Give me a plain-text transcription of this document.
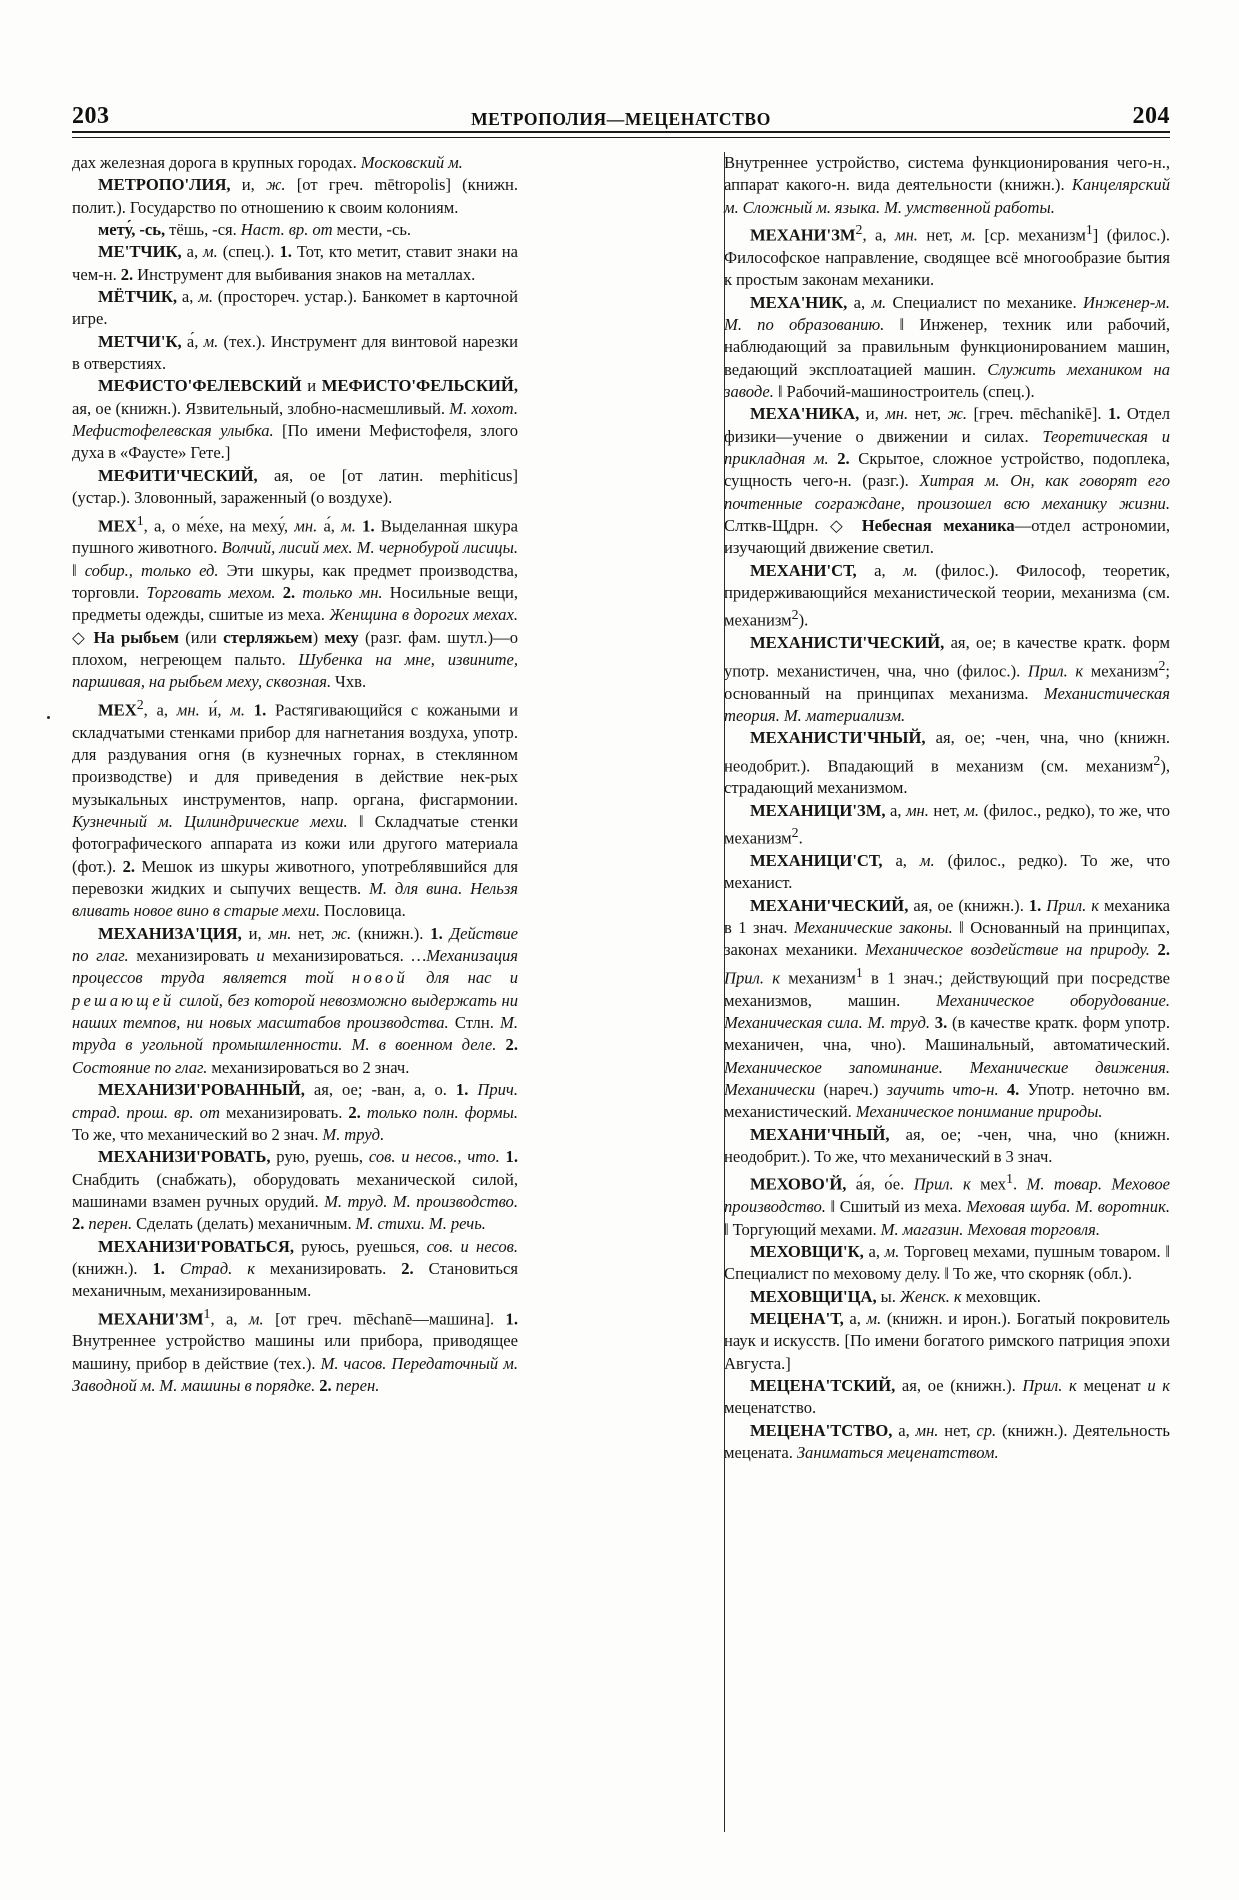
203	МЕТРОПОЛИЯ—МЕЦЕНАТСТВО	204

дах железная дорога в крупных городах. Московский м.

МЕТРОПО'ЛИЯ, и, ж. [от греч. mētropolis] (книжн. полит.). Государство по отношению к своим колониям.

мету́, -сь, тёшь, -ся. Наст. вр. от мести, -сь.

МЕ'ТЧИК, а, м. (спец.). 1. Тот, кто метит, ставит знаки на чем-н. 2. Инструмент для выбивания знаков на металлах.

МЁТЧИК, а, м. (простореч. устар.). Банкомет в карточной игре.

МЕТЧИ'К, а́, м. (тех.). Инструмент для винтовой нарезки в отверстиях.

МЕФИСТО'ФЕЛЕВСКИЙ и МЕФИСТО'ФЕЛЬСКИЙ, ая, ое (книжн.). Язвительный, злобно-насмешливый. М. хохот. Мефистофелевская улыбка. [По имени Мефистофеля, злого духа в «Фаусте» Гете.]

МЕФИТИ'ЧЕСКИЙ, ая, ое [от латин. mephiticus] (устар.). Зловонный, зараженный (о воздухе).

МЕХ$^1$, а, о ме́хе, на меху́, мн. а́, м. 1. Выделанная шкура пушного животного. Волчий, лисий мех. М. чернобурой лисицы. ‖ собир., только ед. Эти шкуры, как предмет производства, торговли. Торговать мехом. 2. только мн. Носильные вещи, предметы одежды, сшитые из меха. Женщина в дорогих мехах. ◇ На рыбьем (или стерляжьем) меху (разг. фам. шутл.)—о плохом, негреющем пальто. Шубенка на мне, извините, паршивая, на рыбьем меху, сквозная. Чхв.

МЕХ$^2$, а, мн. и́, м. 1. Растягивающийся с кожаными и складчатыми стенками прибор для нагнетания воздуха, употр. для раздувания огня (в кузнечных горнах, в стеклянном производстве) и для приведения в действие нек-рых музыкальных инструментов, напр. органа, фисгармонии. Кузнечный м. Цилиндрические мехи. ‖ Складчатые стенки фотографического аппарата из кожи или другого материала (фот.). 2. Мешок из шкуры животного, употреблявшийся для перевозки жидких и сыпучих веществ. М. для вина. Нельзя вливать новое вино в старые мехи. Пословица.

МЕХАНИЗА'ЦИЯ, и, мн. нет, ж. (книжн.). 1. Действие по глаг. механизировать и механизироваться. …Механизация процессов труда является той новой для нас и решающей силой, без которой невозможно выдержать ни наших темпов, ни новых масштабов производства. Стлн. М. труда в угольной промышленности. М. в военном деле. 2. Состояние по глаг. механизироваться во 2 знач.

МЕХАНИЗИ'РОВАННЫЙ, ая, ое; -ван, а, о. 1. Прич. страд. прош. вр. от механизировать. 2. только полн. формы. То же, что механический во 2 знач. М. труд.

МЕХАНИЗИ'РОВАТЬ, рую, руешь, сов. и несов., что. 1. Снабдить (снабжать), оборудовать механической силой, машинами взамен ручных орудий. М. труд. М. производство. 2. перен. Сделать (делать) механичным. М. стихи. М. речь.

МЕХАНИЗИ'РОВАТЬСЯ, руюсь, руешься, сов. и несов. (книжн.). 1. Страд. к механизировать. 2. Становиться механичным, механизированным.

$МЕХАНИ'ЗМ^1$, а, м. [от греч. mēchanē—машина]. 1. Внутреннее устройство машины или прибора, приводящее машину, прибор в действие (тех.). М. часов. Передаточный м. Заводной м. М. машины в порядке. 2. перен.

Внутреннее устройство, система функционирования чего-н., аппарат какого-н. вида деятельности (книжн.). Канцелярский м. Сложный м. языка. М. умственной работы.

$МЕХАНИ'ЗМ^2$, а, мн. нет, м. [ср. механизм$^1$] (филос.). Философское направление, сводящее всё многообразие бытия к простым законам механики.

МЕХА'НИК, а, м. Специалист по механике. Инженер-м. М. по образованию. ‖ Инженер, техник или рабочий, наблюдающий за правильным функционированием машин, ведающий эксплоатацией машин. Служить механиком на заводе. ‖ Рабочий-машиностроитель (спец.).

МЕХА'НИКА, и, мн. нет, ж. [греч. mēchanikē]. 1. Отдел физики—учение о движении и силах. Теоретическая и прикладная м. 2. Скрытое, сложное устройство, подоплека, сущность чего-н. (разг.). Хитрая м. Он, как говорят его почтенные сограждане, произошел всю механику жизни. Слткв-Щдрн. ◇ Небесная механика—отдел астрономии, изучающий движение светил.

МЕХАНИ'СТ, а, м. (филос.). Философ, теоретик, придерживающийся механистической теории, механизма (см. механизм$^2$).

МЕХАНИСТИ'ЧЕСКИЙ, ая, ое; в качестве кратк. форм употр. механистичен, чна, чно (филос.). Прил. к механизм$^2$; основанный на принципах механизма. Механистическая теория. М. материализм.

МЕХАНИСТИ'ЧНЫЙ, ая, ое; -чен, чна, чно (книжн. неодобрит.). Впадающий в механизм (см. механизм$^2$), страдающий механизмом.

МЕХАНИЦИ'ЗМ, а, мн. нет, м. (филос., редко), то же, что механизм$^2$.

МЕХАНИЦИ'СТ, а, м. (филос., редко). То же, что механист.

МЕХАНИ'ЧЕСКИЙ, ая, ое (книжн.). 1. Прил. к механика в 1 знач. Механические законы. ‖ Основанный на принципах, законах механики. Механическое воздействие на природу. 2. Прил. к механизм$^1$ в 1 знач.; действующий при посредстве механизмов, машин. Механическое оборудование. Механическая сила. М. труд. 3. (в качестве кратк. форм употр. механичен, чна, чно). Машинальный, автоматический. Механическое запоминание. Механические движения. Механически (нареч.) заучить что-н. 4. Употр. неточно вм. механистический. Механическое понимание природы.

МЕХАНИ'ЧНЫЙ, ая, ое; -чен, чна, чно (книжн. неодобрит.). То же, что механический в 3 знач.

МЕХОВО'Й, а́я, о́е. Прил. к мех$^1$. М. товар. Меховое производство. ‖ Сшитый из меха. Меховая шуба. М. воротник. ‖ Торгующий мехами. М. магазин. Меховая торговля.

МЕХОВЩИ'К, а, м. Торговец мехами, пушным товаром. ‖ Специалист по меховому делу. ‖ То же, что скорняк (обл.).

МЕХОВЩИ'ЦА, ы. Женск. к меховщик.

МЕЦЕНА'Т, а, м. (книжн. и ирон.). Богатый покровитель наук и искусств. [По имени богатого римского патриция эпохи Августа.]

МЕЦЕНА'ТСКИЙ, ая, ое (книжн.). Прил. к меценат и к меценатство.

МЕЦЕНА'ТСТВО, а, мн. нет, ср. (книжн.). Деятельность мецената. Заниматься меценатством.
